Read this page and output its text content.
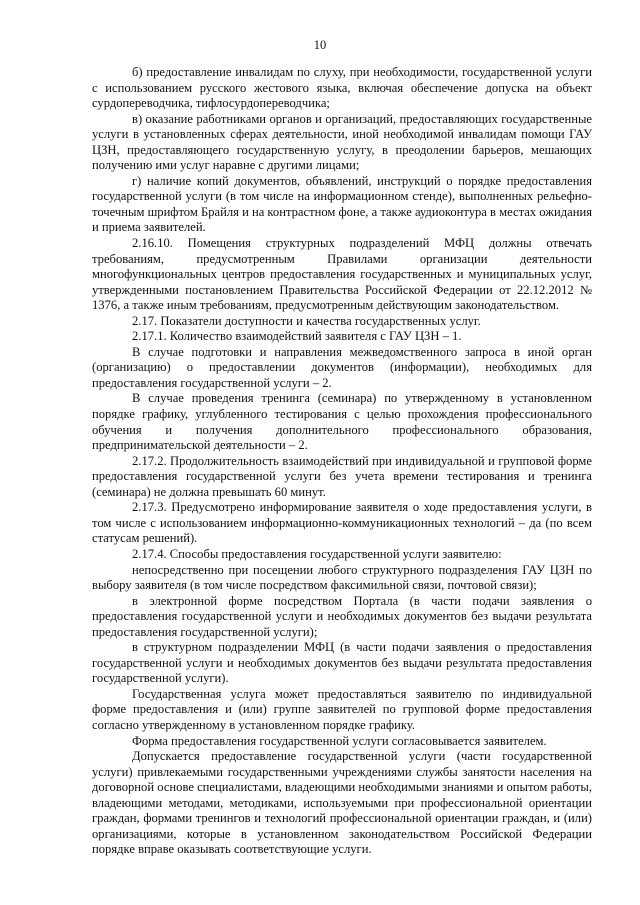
10

б) предоставление инвалидам по слуху, при необходимости, государственной услуги с использованием русского жестового языка, включая обеспечение допуска на объект сурдопереводчика, тифлосурдопереводчика;

в) оказание работниками органов и организаций, предоставляющих государственные услуги в установленных сферах деятельности, иной необходимой инвалидам помощи ГАУ ЦЗН, предоставляющего государственную услугу, в преодолении барьеров, мешающих получению ими услуг наравне с другими лицами;

г) наличие копий документов, объявлений, инструкций о порядке предоставления государственной услуги (в том числе на информационном стенде), выполненных рельефно-точечным шрифтом Брайля и на контрастном фоне, а также аудиоконтура в местах ожидания и приема заявителей.

2.16.10. Помещения структурных подразделений МФЦ должны отвечать требованиям, предусмотренным Правилами организации деятельности многофункциональных центров предоставления государственных и муниципальных услуг, утвержденными постановлением Правительства Российской Федерации от 22.12.2012 № 1376, а также иным требованиям, предусмотренным действующим законодательством.

2.17. Показатели доступности и качества государственных услуг.

2.17.1. Количество взаимодействий заявителя с ГАУ ЦЗН – 1.

В случае подготовки и направления межведомственного запроса в иной орган (организацию) о предоставлении документов (информации), необходимых для предоставления государственной услуги – 2.

В случае проведения тренинга (семинара) по утвержденному в установленном порядке графику, углубленного тестирования с целью прохождения профессионального обучения и получения дополнительного профессионального образования, предпринимательской деятельности – 2.

2.17.2. Продолжительность взаимодействий при индивидуальной и групповой форме предоставления государственной услуги без учета времени тестирования и тренинга (семинара) не должна превышать 60 минут.

2.17.3. Предусмотрено информирование заявителя о ходе предоставления услуги, в том числе с использованием информационно-коммуникационных технологий – да (по всем статусам решений).

2.17.4. Способы предоставления государственной услуги заявителю:

непосредственно при посещении любого структурного подразделения ГАУ ЦЗН по выбору заявителя (в том числе посредством факсимильной связи, почтовой связи);

в электронной форме посредством Портала (в части подачи заявления о предоставления государственной услуги и необходимых документов без выдачи результата предоставления государственной услуги);

в структурном подразделении МФЦ (в части подачи заявления о предоставления государственной услуги и необходимых документов без выдачи результата предоставления государственной услуги).

Государственная услуга может предоставляться заявителю по индивидуальной форме предоставления и (или) группе заявителей по групповой форме предоставления согласно утвержденному в установленном порядке графику.

Форма предоставления государственной услуги согласовывается заявителем.

Допускается предоставление государственной услуги (части государственной услуги) привлекаемыми государственными учреждениями службы занятости населения на договорной основе специалистами, владеющими необходимыми знаниями и опытом работы, владеющими методами, методиками, используемыми при профессиональной ориентации граждан, формами тренингов и технологий профессиональной ориентации граждан, и (или) организациями, которые в установленном законодательством Российской Федерации порядке вправе оказывать соответствующие услуги.
